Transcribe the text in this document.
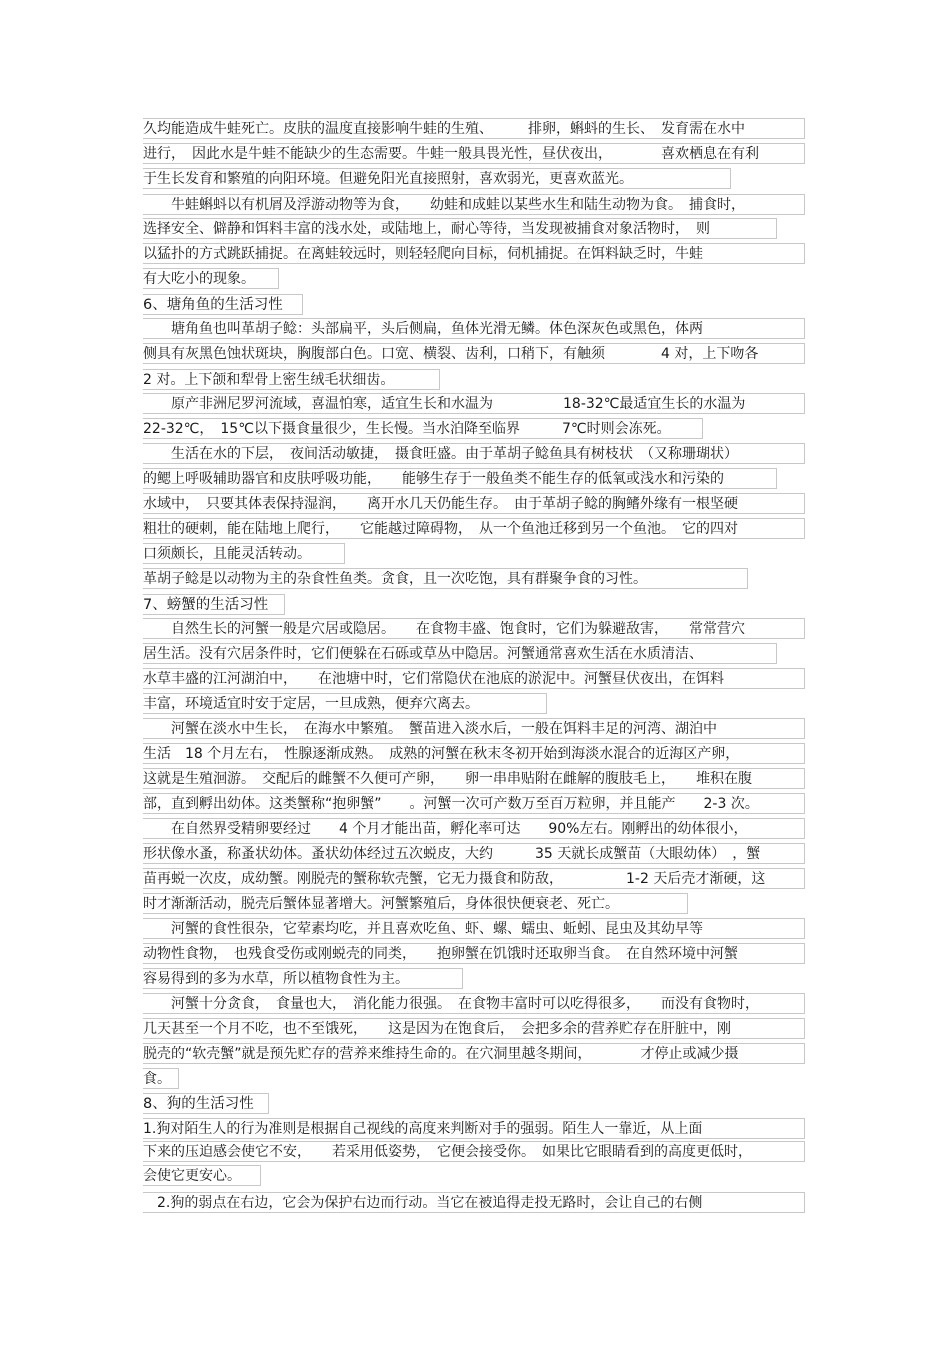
久均能造成牛蛙死亡。皮肤的温度直接影响牛蛙的生殖、　　　排卵，蝌蚪的生长、　发育需在水中
进行，　因此水是牛蛙不能缺少的生态需要。牛蛙一般具畏光性，昼伏夜出，　　　　喜欢栖息在有利
于生长发育和繁殖的向阳环境。但避免阳光直接照射，喜欢弱光，更喜欢蓝光。
　　牛蛙蝌蚪以有机屑及浮游动物等为食，　　幼蛙和成蛙以某些水生和陆生动物为食。　捕食时，
选择安全、僻静和饵料丰富的浅水处，或陆地上，耐心等待，当发现被捕食对象活物时，　则
以猛扑的方式跳跃捕捉。在离蛙较远时，则轻轻爬向目标，伺机捕捉。在饵料缺乏时，牛蛙
有大吃小的现象。
6、塘角鱼的生活习性
　　塘角鱼也叫革胡子鲶：头部扁平，头后侧扁，鱼体光滑无鳞。体色深灰色或黑色，体两
侧具有灰黑色蚀状斑块，胸腹部白色。口宽、横裂、齿利，口稍下，有触须　　　　4 对，上下吻各
2 对。上下颌和犁骨上密生绒毛状细齿。
　　原产非洲尼罗河流域，喜温怕寒，适宜生长和水温为　　　　　18-32℃最适宜生长的水温为
22-32℃，　15℃以下摄食量很少，生长慢。当水泊降至临界　　　7℃时则会冻死。
　　生活在水的下层，　夜间活动敏捷，　摄食旺盛。由于革胡子鲶鱼具有树枝状　（又称珊瑚状）
的鳃上呼吸辅助器官和皮肤呼吸功能，　　能够生存于一般鱼类不能生存的低氧或浅水和污染的
水域中，　只要其体表保持湿润，　　离开水几天仍能生存。　由于革胡子鲶的胸鳍外缘有一根坚硬
粗壮的硬刺，能在陆地上爬行，　　它能越过障碍物，　从一个鱼池迁移到另一个鱼池。　它的四对
口须颇长，且能灵活转动。
革胡子鲶是以动物为主的杂食性鱼类。贪食，且一次吃饱，具有群聚争食的习性。
7、螃蟹的生活习性
　　自然生长的河蟹一般是穴居或隐居。　　在食物丰盛、饱食时，它们为躲避敌害，　　常常营穴
居生活。没有穴居条件时，它们便躲在石砾或草丛中隐居。河蟹通常喜欢生活在水质清洁、
水草丰盛的江河湖泊中，　　在池塘中时，它们常隐伏在池底的淤泥中。河蟹昼伏夜出，在饵料
丰富，环境适宜时安于定居，一旦成熟，便弃穴离去。
　　河蟹在淡水中生长，　在海水中繁殖。　蟹苗进入淡水后，一般在饵料丰足的河湾、湖泊中
生活　18 个月左右，　性腺逐渐成熟。　成熟的河蟹在秋末冬初开始到海淡水混合的近海区产卵，
这就是生殖洄游。　交配后的雌蟹不久便可产卵，　　卵一串串贴附在雌解的腹肢毛上，　　堆积在腹
部，直到孵出幼体。这类蟹称“抱卵蟹”　　。河蟹一次可产数万至百万粒卵，并且能产　　2-3 次。
　　在自然界受精卵要经过　　4 个月才能出苗，孵化率可达　　90%左右。刚孵出的幼体很小，
形状像水蚤，称蚤状幼体。蚤状幼体经过五次蜕皮，大约　　　35 天就长成蟹苗（大眼幼体）　，蟹
苗再蜕一次皮，成幼蟹。刚脱壳的蟹称软壳蟹，它无力摄食和防敌，　　　　　1-2 天后壳才渐硬，这
时才渐渐活动，脱壳后蟹体显著增大。河蟹繁殖后，身体很快便衰老、死亡。
　　河蟹的食性很杂，它荤素均吃，并且喜欢吃鱼、虾、螺、蠕虫、蚯蚓、昆虫及其幼早等
动物性食物，　也残食受伤或刚蜕壳的同类，　　抱卵蟹在饥饿时还取卵当食。　在自然环境中河蟹
容易得到的多为水草，所以植物食性为主。
　　河蟹十分贪食，　食量也大，　消化能力很强。　在食物丰富时可以吃得很多，　　而没有食物时，
几天甚至一个月不吃，也不至饿死，　　这是因为在饱食后，　会把多余的营养贮存在肝脏中，刚
脱壳的“软壳蟹”就是预先贮存的营养来维持生命的。在穴洞里越冬期间，　　　　才停止或减少摄
食。
8、狗的生活习性
1.狗对陌生人的行为准则是根据自己视线的高度来判断对手的强弱。陌生人一靠近，从上面
下来的压迫感会使它不安，　　若采用低姿势，　它便会接受你。　如果比它眼睛看到的高度更低时，
会使它更安心。
　2.狗的弱点在右边，它会为保护右边而行动。当它在被追得走投无路时，会让自己的右侧
